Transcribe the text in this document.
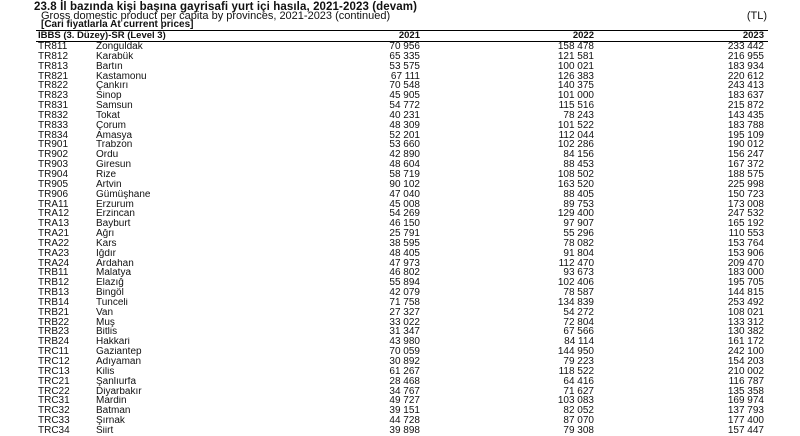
23.8 İl bazında kişi başına gayrisafi yurt içi hasıla, 2021-2023 (devam)
Gross domestic product per capita by provinces, 2021-2023 (continued)	(TL)
[Cari fiyatlarla At current prices]
İBBS (3. Düzey)-SR (Level 3)	2021	2022	2023
TR811	Zonguldak	70 956	158 478	233 442
TR812	Karabük	65 335	121 581	216 955
TR813	Bartın	53 575	100 021	183 934
TR821	Kastamonu	67 111	126 383	220 612
TR822	Çankırı	70 548	140 375	243 413
TR823	Sinop	45 905	101 000	183 637
TR831	Samsun	54 772	115 516	215 872
TR832	Tokat	40 231	78 243	143 435
TR833	Çorum	48 309	101 522	183 788
TR834	Amasya	52 201	112 044	195 109
TR901	Trabzon	53 660	102 286	190 012
TR902	Ordu	42 890	84 156	156 247
TR903	Giresun	48 604	88 453	167 372
TR904	Rize	58 719	108 502	188 575
TR905	Artvin	90 102	163 520	225 998
TR906	Gümüşhane	47 040	88 405	150 723
TRA11	Erzurum	45 008	89 753	173 008
TRA12	Erzincan	54 269	129 400	247 532
TRA13	Bayburt	46 150	97 907	165 192
TRA21	Ağrı	25 791	55 296	110 553
TRA22	Kars	38 595	78 082	153 764
TRA23	Iğdır	48 405	91 804	153 906
TRA24	Ardahan	47 973	112 470	209 470
TRB11	Malatya	46 802	93 673	183 000
TRB12	Elazığ	55 894	102 406	195 705
TRB13	Bingöl	42 079	78 587	144 815
TRB14	Tunceli	71 758	134 839	253 492
TRB21	Van	27 327	54 272	108 021
TRB22	Muş	33 022	72 804	133 312
TRB23	Bitlis	31 347	67 566	130 382
TRB24	Hakkari	43 980	84 114	161 172
TRC11	Gaziantep	70 059	144 950	242 100
TRC12	Adıyaman	30 892	79 223	154 203
TRC13	Kilis	61 267	118 522	210 002
TRC21	Şanlıurfa	28 468	64 416	116 787
TRC22	Diyarbakır	34 767	71 627	135 358
TRC31	Mardin	49 727	103 083	169 974
TRC32	Batman	39 151	82 052	137 793
TRC33	Şırnak	44 728	87 070	177 400
TRC34	Siirt	39 898	79 308	157 447
